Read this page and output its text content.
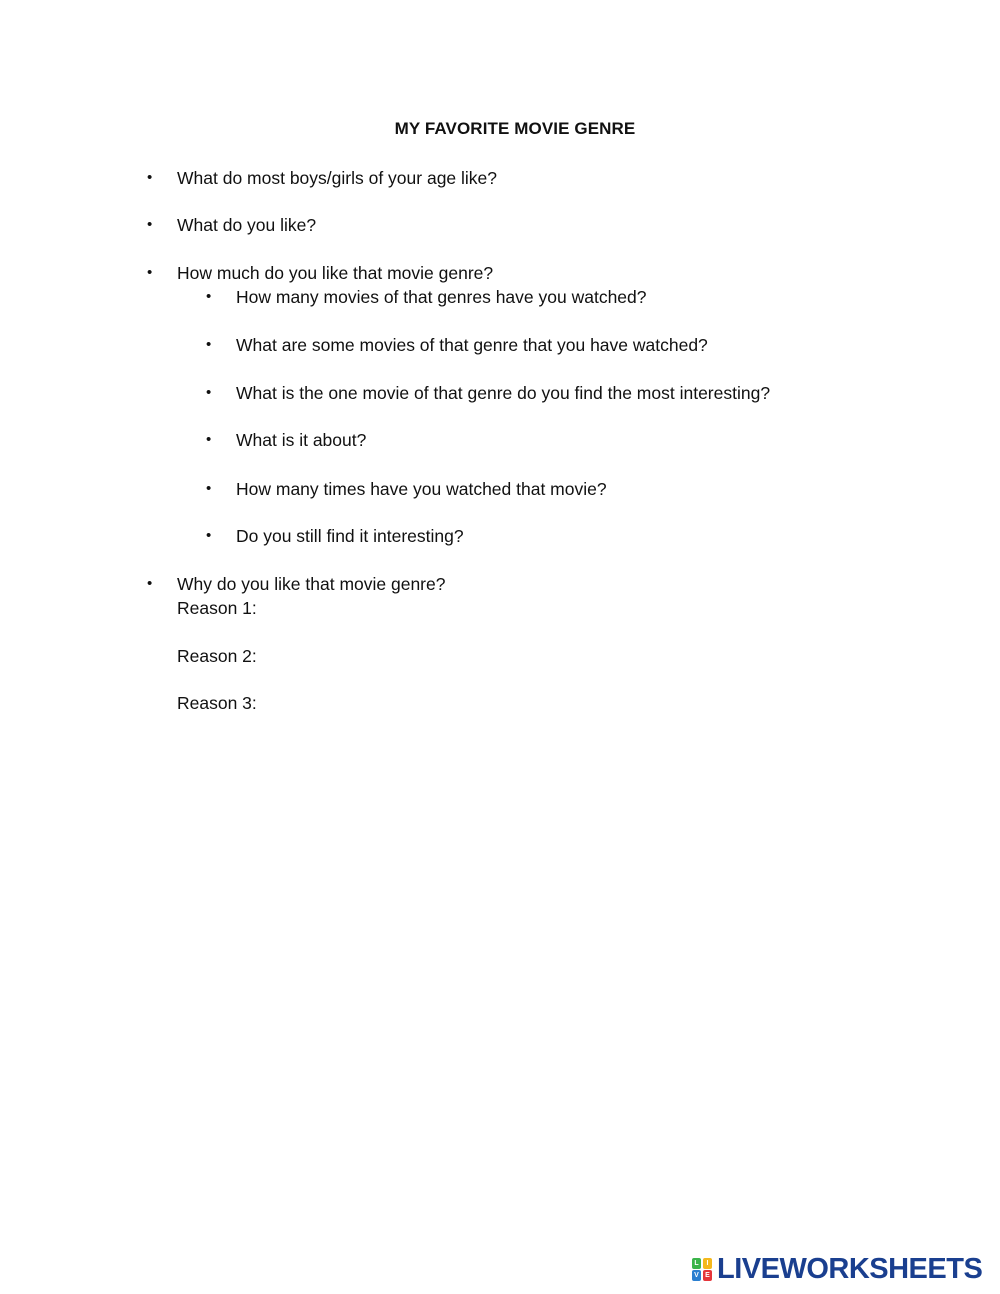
MY FAVORITE MOVIE GENRE
• What do most boys/girls of your age like?
• What do you like?
• How much do you like that movie genre?
• How many movies of that genres have you watched?
• What are some movies of that genre that you have watched?
• What is the one movie of that genre do you find the most interesting?
• What is it about?
• How many times have you watched that movie?
• Do you still find it interesting?
• Why do you like that movie genre?
Reason 1:
Reason 2:
Reason 3:
L	I
V E LIVEWORKSHEETS
